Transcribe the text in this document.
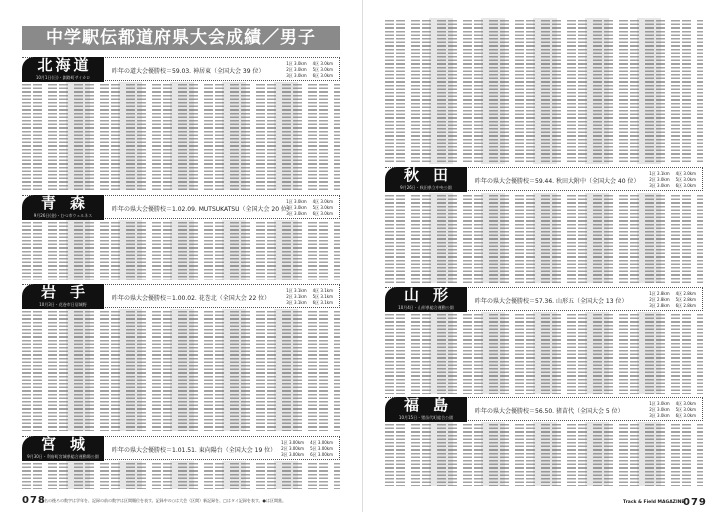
中学駅伝都道府県大会成績／男子
北海道
10月1日(日)・釧路町サイカロ
昨年の道大会優勝校＝59.03. 神居東（全国大会 39 位）
1区 3.0km 4区 3.0km
2区 3.0km 5区 3.0km
3区 3.0km 6区 3.0km
青森
9月26日(金)・むつ市ウェルネス
昨年の県大会優勝校＝1.02.09. MUTSUKATSU（全国大会 20 位）
1区 3.0km 4区 3.0km
2区 3.0km 5区 3.0km
3区 3.0km 6区 3.0km
岩手
10月3日・花巻市日居城野
昨年の県大会優勝校＝1.00.02. 花巻北（全国大会 22 位）
1区 3.1km 4区 3.1km
2区 3.1km 5区 3.1km
3区 3.1km 6区 3.1km
宮城
9月30日・利府町宮城県総合運動場公園
昨年の県大会優勝校＝1.01.51. 東向陽台（全国大会 19 位）
1区 3.00km 4区 3.00km
2区 3.00km 5区 3.00km
3区 3.00km 6区 3.00km
078
氏名の後ろの数字は学年を、記録の前の数字は区間順位を表す。記録中の○は大会（区間）新記録を、□はタイ記録を表す。●は区間賞。
秋田
9月26日・秋田県立中央公園
昨年の県大会優勝校＝59.44. 秋田大附中（全国大会 40 位）
1区 3.1km 4区 3.0km
2区 3.0km 5区 3.0km
3区 3.0km 6区 3.0km
山形
10月4日・山形県総合運動公園
昨年の県大会優勝校＝57.36. 山形五（全国大会 13 位）
1区 2.8km 4区 2.8km
2区 2.8km 5区 2.8km
3区 2.8km 6区 2.8km
福島
10月15日・猪苗代町総合公園
昨年の県大会優勝校＝56.50. 猪苗代（全国大会 5 位）
1区 3.0km 4区 3.0km
2区 3.0km 5区 3.0km
3区 3.0km 6区 3.0km
Track & Field MAGAZINE
079
